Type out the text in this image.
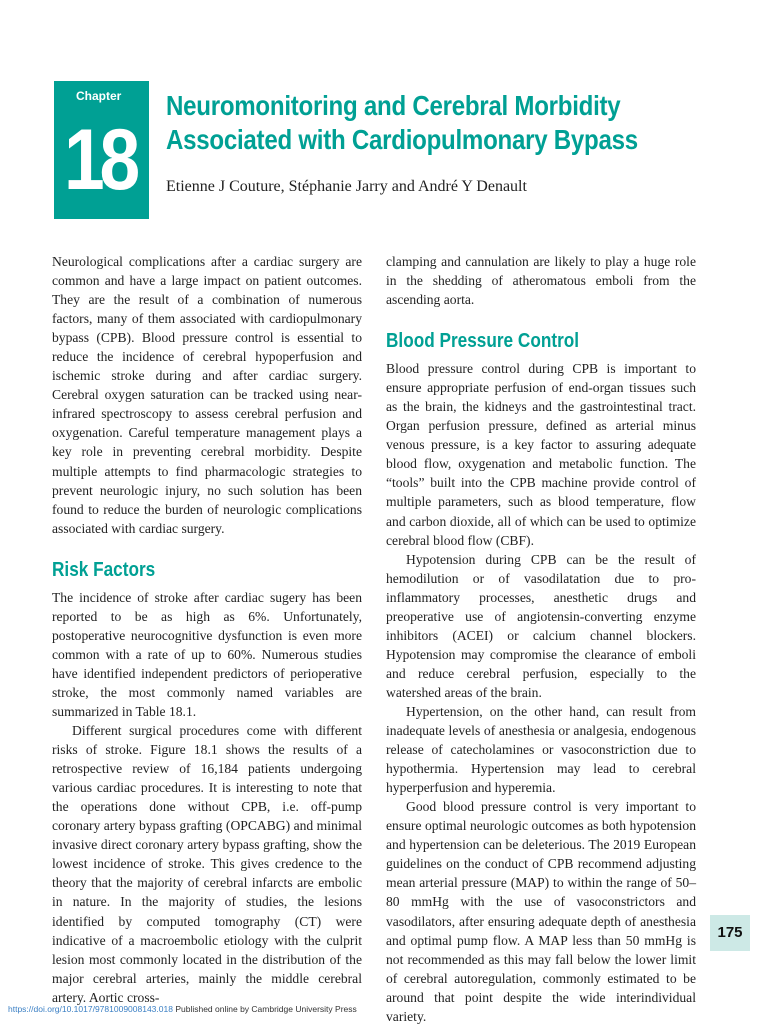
Chapter
18
Neuromonitoring and Cerebral Morbidity Associated with Cardiopulmonary Bypass
Etienne J Couture, Stéphanie Jarry and André Y Denault

Neurological complications after a cardiac surgery are common and have a large impact on patient outcomes. They are the result of a combination of numerous factors, many of them associated with cardiopulmonary bypass (CPB). Blood pressure control is essential to reduce the incidence of cerebral hypoperfusion and ischemic stroke during and after cardiac surgery. Cerebral oxygen saturation can be tracked using near-infrared spectroscopy to assess cerebral perfusion and oxygenation. Careful temperature management plays a key role in preventing cerebral morbidity. Despite multiple attempts to find pharmacologic strategies to prevent neurologic injury, no such solution has been found to reduce the burden of neurologic complications associated with cardiac surgery.

Risk Factors

The incidence of stroke after cardiac sugery has been reported to be as high as 6%. Unfortunately, postoperative neurocognitive dysfunction is even more common with a rate of up to 60%. Numerous studies have identified independent predictors of perioperative stroke, the most commonly named variables are summarized in Table 18.1.

Different surgical procedures come with different risks of stroke. Figure 18.1 shows the results of a retrospective review of 16,184 patients undergoing various cardiac procedures. It is interesting to note that the operations done without CPB, i.e. off-pump coronary artery bypass grafting (OPCABG) and minimal invasive direct coronary artery bypass grafting, show the lowest incidence of stroke. This gives credence to the theory that the majority of cerebral infarcts are embolic in nature. In the majority of studies, the lesions identified by computed tomography (CT) were indicative of a macroembolic etiology with the culprit lesion most commonly located in the distribution of the major cerebral arteries, mainly the middle cerebral artery. Aortic cross-

clamping and cannulation are likely to play a huge role in the shedding of atheromatous emboli from the ascending aorta.

Blood Pressure Control

Blood pressure control during CPB is important to ensure appropriate perfusion of end-organ tissues such as the brain, the kidneys and the gastrointestinal tract. Organ perfusion pressure, defined as arterial minus venous pressure, is a key factor to assuring adequate blood flow, oxygenation and metabolic function. The “tools” built into the CPB machine provide control of multiple parameters, such as blood temperature, flow and carbon dioxide, all of which can be used to optimize cerebral blood flow (CBF).

Hypotension during CPB can be the result of hemodilution or of vasodilatation due to pro-inflammatory processes, anesthetic drugs and preoperative use of angiotensin-converting enzyme inhibitors (ACEI) or calcium channel blockers. Hypotension may compromise the clearance of emboli and reduce cerebral perfusion, especially to the watershed areas of the brain.

Hypertension, on the other hand, can result from inadequate levels of anesthesia or analgesia, endogenous release of catecholamines or vasoconstriction due to hypothermia. Hypertension may lead to cerebral hyperperfusion and hyperemia.

Good blood pressure control is very important to ensure optimal neurologic outcomes as both hypotension and hypertension can be deleterious. The 2019 European guidelines on the conduct of CPB recommend adjusting mean arterial pressure (MAP) to within the range of 50–80 mmHg with the use of vasoconstrictors and vasodilators, after ensuring adequate depth of anesthesia and optimal pump flow. A MAP less than 50 mmHg is not recommended as this may fall below the lower limit of cerebral autoregulation, commonly estimated to be around that point despite the wide interindividual variety.

175
https://doi.org/10.1017/9781009008143.018 Published online by Cambridge University Press
